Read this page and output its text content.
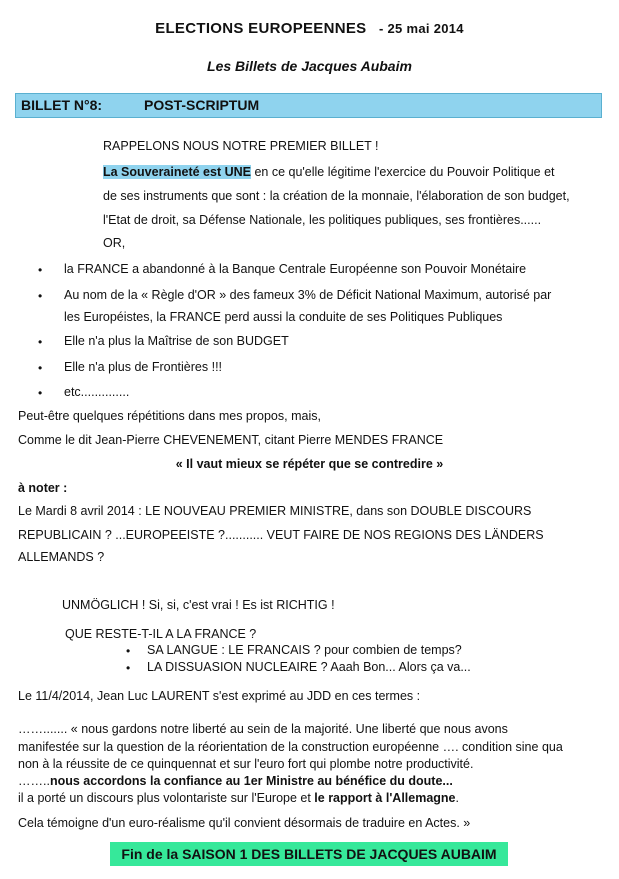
ELECTIONS EUROPEENNES - 25 mai 2014
Les Billets de Jacques Aubaim
BILLET N°8:	POST-SCRIPTUM
RAPPELONS NOUS NOTRE PREMIER BILLET !
La Souveraineté est UNE en ce qu'elle légitime l'exercice du Pouvoir Politique et
de ses instruments que sont : la création de la monnaie, l'élaboration de son budget,
l'Etat de droit, sa Défense Nationale, les politiques publiques, ses frontières......
OR,
• la FRANCE a abandonné à la Banque Centrale Européenne son Pouvoir Monétaire
• Au nom de la « Règle d'OR » des fameux 3% de Déficit National Maximum, autorisé par
les Européistes, la FRANCE perd aussi la conduite de ses Politiques Publiques
• Elle n'a plus la Maîtrise de son BUDGET
• Elle n'a plus de Frontières !!!
• etc..............
Peut-être quelques répétitions dans mes propos, mais,
Comme le dit Jean-Pierre CHEVENEMENT, citant Pierre MENDES FRANCE
« Il vaut mieux se répéter que se contredire »
à noter :
Le Mardi 8 avril 2014 : LE NOUVEAU PREMIER MINISTRE, dans son DOUBLE DISCOURS
REPUBLICAIN ? ...EUROPEEISTE ?........... VEUT FAIRE DE NOS REGIONS DES LÄNDERS
ALLEMANDS ?
UNMÖGLICH ! Si, si, c'est vrai ! Es ist RICHTIG !
QUE RESTE-T-IL A LA FRANCE ?
• SA LANGUE : LE FRANCAIS ? pour combien de temps?
• LA DISSUASION NUCLEAIRE ? Aaah Bon... Alors ça va...
Le 11/4/2014, Jean Luc LAURENT s'est exprimé au JDD en ces termes :
……....... « nous gardons notre liberté au sein de la majorité. Une liberté que nous avons
manifestée sur la question de la réorientation de la construction européenne …. condition sine qua
non à la réussite de ce quinquennat et sur l'euro fort qui plombe notre productivité.
……..nous accordons la confiance au 1er Ministre au bénéfice du doute...
il a porté un discours plus volontariste sur l'Europe et le rapport à l'Allemagne.
Cela témoigne d'un euro-réalisme qu'il convient désormais de traduire en Actes. »
Fin de la SAISON 1 DES BILLETS DE JACQUES AUBAIM
